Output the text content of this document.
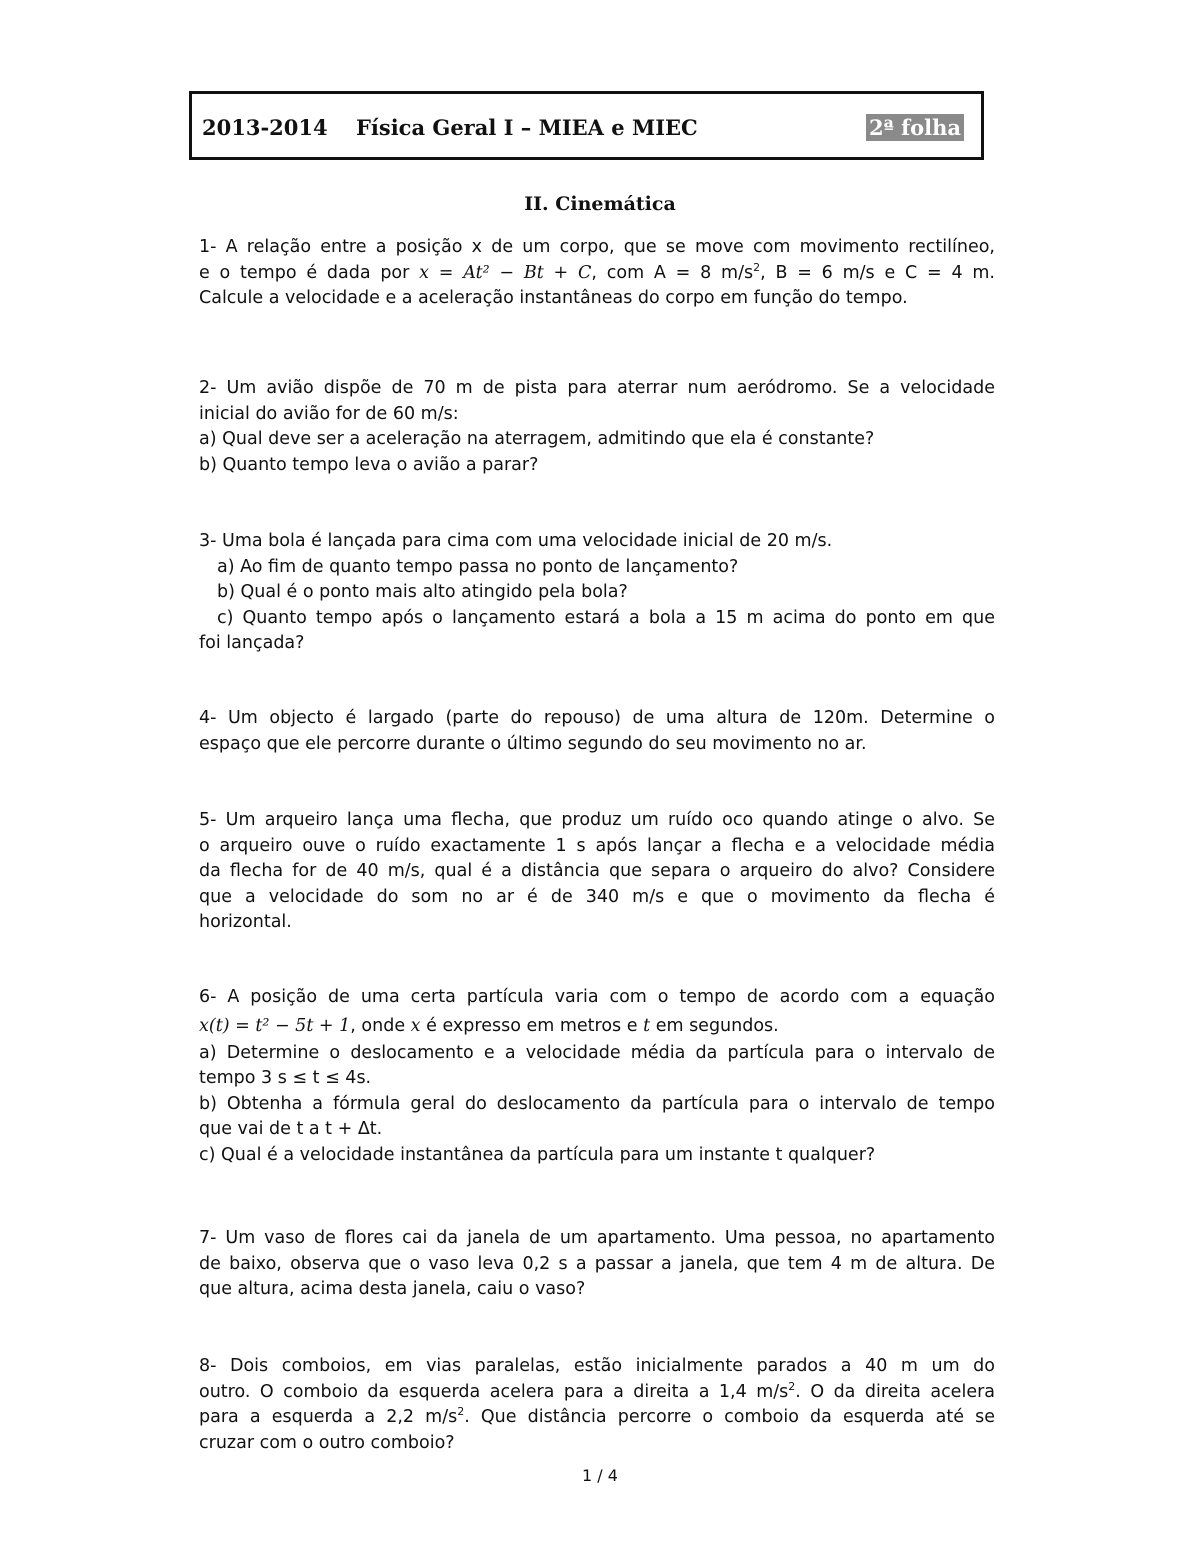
2013-2014 Física Geral I – MIEA e MIEC	2ª folha
II. Cinemática
1- A relação entre a posição x de um corpo, que se move com movimento rectilíneo,
e o tempo é dada por x = At² − Bt + C, com A = 8 $m/s^2$, B = 6 m/s e C = 4 m.
Calcule a velocidade e a aceleração instantâneas do corpo em função do tempo.
2- Um avião dispõe de 70 m de pista para aterrar num aeródromo. Se a velocidade
inicial do avião for de 60 m/s:
a) Qual deve ser a aceleração na aterragem, admitindo que ela é constante?
b) Quanto tempo leva o avião a parar?
3- Uma bola é lançada para cima com uma velocidade inicial de 20 m/s.
a) Ao fim de quanto tempo passa no ponto de lançamento?
b) Qual é o ponto mais alto atingido pela bola?
c) Quanto tempo após o lançamento estará a bola a 15 m acima do ponto em que
foi lançada?
4- Um objecto é largado (parte do repouso) de uma altura de 120m. Determine o
espaço que ele percorre durante o último segundo do seu movimento no ar.
5- Um arqueiro lança uma flecha, que produz um ruído oco quando atinge o alvo. Se
o arqueiro ouve o ruído exactamente 1 s após lançar a flecha e a velocidade média
da flecha for de 40 m/s, qual é a distância que separa o arqueiro do alvo? Considere
que a velocidade do som no ar é de 340 m/s e que o movimento da flecha é
horizontal.
6- A posição de uma certa partícula varia com o tempo de acordo com a equação
x(t) = t² − 5t + 1, onde x é expresso em metros e t em segundos.
a) Determine o deslocamento e a velocidade média da partícula para o intervalo de
tempo 3 s ≤ t ≤ 4s.
b) Obtenha a fórmula geral do deslocamento da partícula para o intervalo de tempo
que vai de t a t + Δt.
c) Qual é a velocidade instantânea da partícula para um instante t qualquer?
7- Um vaso de flores cai da janela de um apartamento. Uma pessoa, no apartamento
de baixo, observa que o vaso leva 0,2 s a passar a janela, que tem 4 m de altura. De
que altura, acima desta janela, caiu o vaso?
8- Dois comboios, em vias paralelas, estão inicialmente parados a 40 m um do
outro. O comboio da esquerda acelera para a direita a 1,4 $m/s^2$. O da direita acelera
para a esquerda a 2,2 $m/s^2$. Que distância percorre o comboio da esquerda até se
cruzar com o outro comboio?
1 / 4
